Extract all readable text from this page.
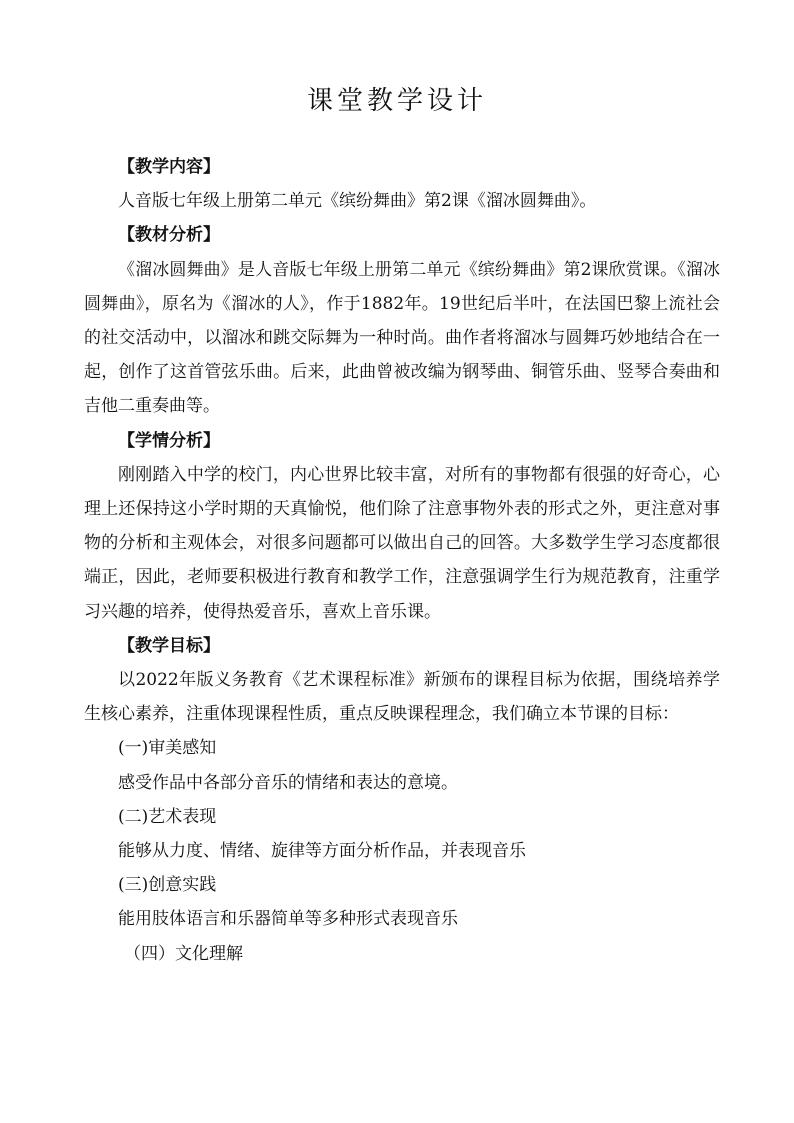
课堂教学设计
【教学内容】
人音版七年级上册第二单元《缤纷舞曲》第2课《溜冰圆舞曲》。
【教材分析】
《溜冰圆舞曲》是人音版七年级上册第二单元《缤纷舞曲》第2课欣赏课。《溜冰圆舞曲》，原名为《溜冰的人》，作于1882年。19世纪后半叶，在法国巴黎上流社会的社交活动中，以溜冰和跳交际舞为一种时尚。曲作者将溜冰与圆舞巧妙地结合在一起，创作了这首管弦乐曲。后来，此曲曾被改编为钢琴曲、铜管乐曲、竖琴合奏曲和吉他二重奏曲等。
【学情分析】
刚刚踏入中学的校门，内心世界比较丰富，对所有的事物都有很强的好奇心，心理上还保持这小学时期的天真愉悦，他们除了注意事物外表的形式之外，更注意对事物的分析和主观体会，对很多问题都可以做出自己的回答。大多数学生学习态度都很端正，因此，老师要积极进行教育和教学工作，注意强调学生行为规范教育，注重学习兴趣的培养，使得热爱音乐，喜欢上音乐课。
【教学目标】
以2022年版义务教育《艺术课程标准》新颁布的课程目标为依据，围绕培养学生核心素养，注重体现课程性质，重点反映课程理念，我们确立本节课的目标：
(一)审美感知
感受作品中各部分音乐的情绪和表达的意境。
(二)艺术表现
能够从力度、情绪、旋律等方面分析作品，并表现音乐
(三)创意实践
能用肢体语言和乐器简单等多种形式表现音乐
（四）文化理解
